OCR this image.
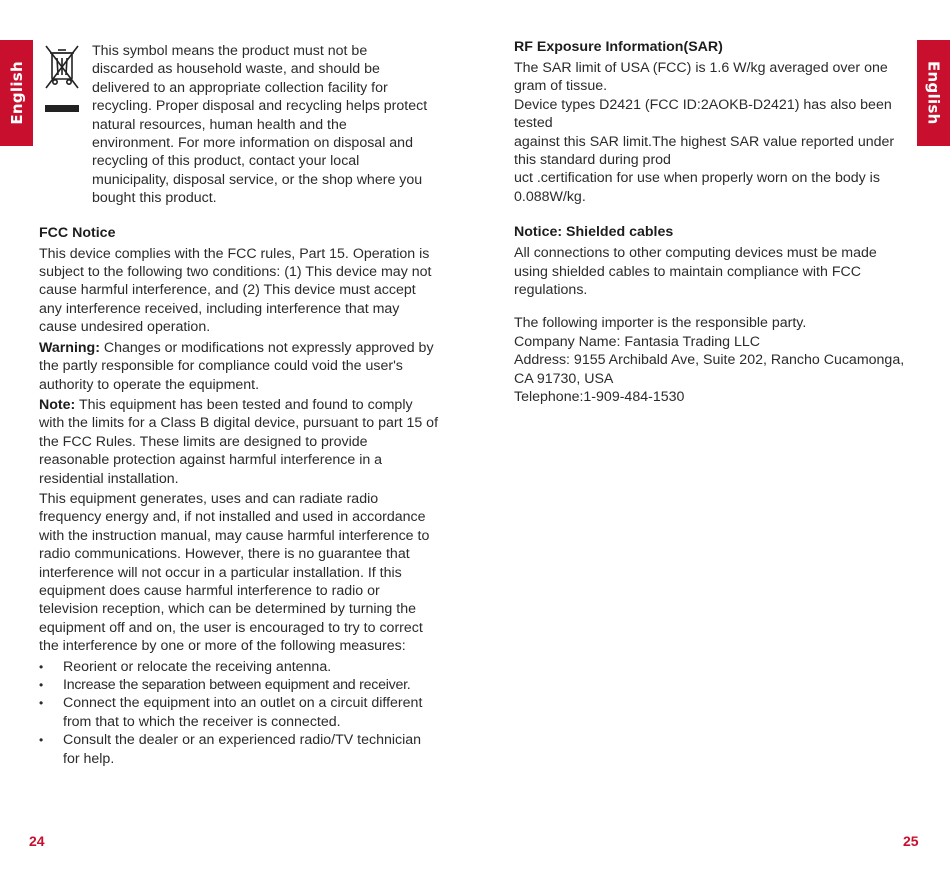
English	English

This symbol means the product must not be discarded as household waste, and should be delivered to an appropriate collection facility for recycling. Proper disposal and recycling helps protect natural resources, human health and the environment. For more information on disposal and recycling of this product, contact your local municipality, disposal service, or the shop where you bought this product.

FCC Notice

This device complies with the FCC rules, Part 15. Operation is subject to the following two conditions: (1) This device may not cause harmful interference, and (2) This device must accept any interference received, including interference that may cause undesired operation.

Warning: Changes or modifications not expressly approved by the partly responsible for compliance could void the user's authority to operate the equipment.

Note: This equipment has been tested and found to comply with the limits for a Class B digital device, pursuant to part 15 of the FCC Rules. These limits are designed to provide reasonable protection against harmful interference in a residential installation.

This equipment generates, uses and can radiate radio frequency energy and, if not installed and used in accordance with the instruction manual, may cause harmful interference to radio communications. However, there is no guarantee that interference will not occur in a particular installation. If this equipment does cause harmful interference to radio or television reception, which can be determined by turning the equipment off and on, the user is encouraged to try to correct the interference by one or more of the following measures:

• Reorient or relocate the receiving antenna.
• Increase the separation between equipment and receiver.
• Connect the equipment into an outlet on a circuit different from that to which the receiver is connected.
• Consult the dealer or an experienced radio/TV technician for help.
RF Exposure Information(SAR)

The SAR limit of USA (FCC) is 1.6 W/kg averaged over one gram of tissue.

Device types D2421 (FCC ID:2AOKB-D2421) has also been tested

against this SAR limit.The highest SAR value reported under this standard during prod

uct .certification for use when properly worn on the body is 0.088W/kg.

Notice: Shielded cables

All connections to other computing devices must be made using shielded cables to maintain compliance with FCC regulations.

The following importer is the responsible party.

Company Name: Fantasia Trading LLC

Address: 9155 Archibald Ave, Suite 202, Rancho Cucamonga, CA 91730, USA

Telephone:1-909-484-1530

24	25
